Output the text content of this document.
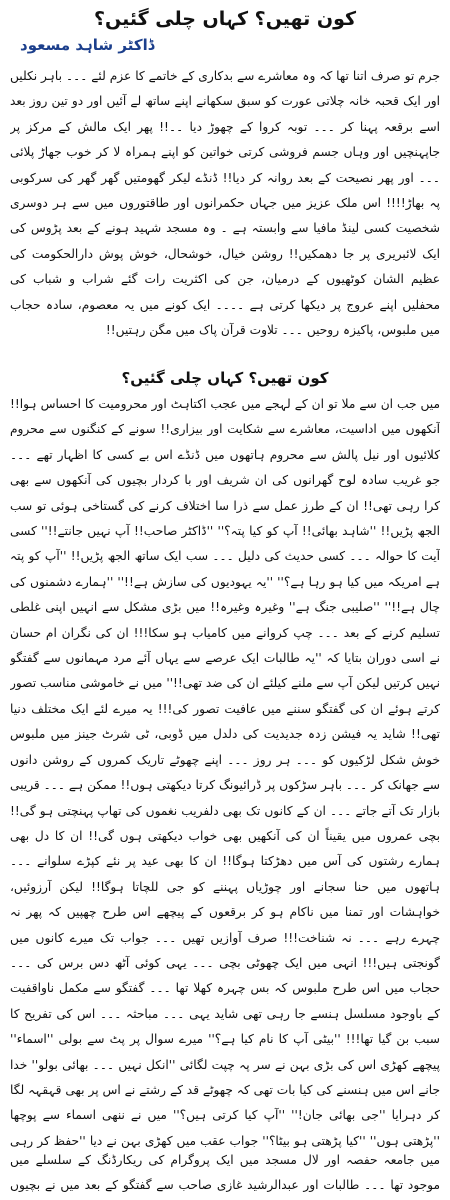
کون تھیں؟ کہاں چلی گئیں؟
ڈاکٹر شاہد مسعود

جرم تو صرف اتنا تھا کہ وہ معاشرے سے بدکاری کے خاتمے کا عزم لئے ۔۔۔ باہر نکلیں اور ایک قحبہ خانہ چلاتی عورت کو سبق سکھانے اپنے ساتھ لے آئیں اور دو تین روز بعد اسے برقعہ پہنا کر ۔۔۔ توبہ کروا کے چھوڑ دیا ۔۔!! پھر ایک مالش کے مرکز پر جاپہنچیں اور وہاں جسم فروشی کرتی خواتین کو اپنے ہمراہ لا کر خوب جھاڑ پلائی ۔۔۔ اور پھر نصیحت کے بعد روانہ کر دیا!! ڈنڈے لیکر گھومتیں گھر گھر کی سرکوبی پہ بھاڑ!!!! اس ملک عزیز میں جہاں حکمرانوں اور طاقتوروں میں سے ہر دوسری شخصیت کسی لینڈ مافیا سے وابستہ ہے ۔ وہ مسجد شہید ہونے کے بعد پڑوس کی ایک لائبریری پر جا دھمکیں!! روشن خیال، خوشحال، خوش پوش دارالحکومت کی عظیم الشان کوٹھیوں کے درمیان، جن کی اکثریت رات گئے شراب و شباب کی محفلیں اپنے عروج پر دیکھا کرتی ہے ۔۔۔۔ ایک کونے میں یہ معصوم، سادہ حجاب میں ملبوس، پاکیزہ روحیں ۔۔۔ تلاوت قرآن پاک میں مگن رہتیں!!

کون تھیں؟ کہاں چلی گئیں؟

میں جب ان سے ملا تو ان کے لہجے میں عجب اکتاہٹ اور محرومیت کا احساس ہوا!! آنکھوں میں اداسیت، معاشرے سے شکایت اور بیزاری!! سونے کے کنگنوں سے محروم کلائیوں اور نیل پالش سے محروم ہاتھوں میں ڈنڈے اس بے کسی کا اظہار تھے ۔۔۔ جو غریب سادہ لوح گھرانوں کی ان شریف اور با کردار بچیوں کی آنکھوں سے بھی کرا رہی تھی!! ان کے طرز عمل سے ذرا سا اختلاف کرنے کی گستاخی ہوئی تو سب الجھ پڑیں!! ''شاہد بھائی!! آپ کو کیا پتہ؟'' ''ڈاکٹر صاحب!! آپ نہیں جانتے!!'' کسی آیت کا حوالہ ۔۔۔ کسی حدیث کی دلیل ۔۔۔ سب ایک ساتھ الجھ پڑیں!! ''آپ کو پتہ ہے امریکہ میں کیا ہو رہا ہے؟'' ''یہ یہودیوں کی سازش ہے!!'' ''ہمارے دشمنوں کی چال ہے!!'' ''صلیبی جنگ ہے'' وغیرہ وغیرہ!! میں بڑی مشکل سے انہیں اپنی غلطی تسلیم کرنے کے بعد ۔۔۔ چپ کروانے میں کامیاب ہو سکا!!! ان کی نگران ام حسان نے اسی دوران بتایا کہ ''یہ طالبات ایک عرصے سے یہاں آئے مرد مہمانوں سے گفتگو نہیں کرتیں لیکن آپ سے ملنے کیلئے ان کی ضد تھی!!'' میں نے خاموشی مناسب تصور کرتے ہوئے ان کی گفتگو سننے میں عافیت تصور کی!!! یہ میرے لئے ایک مختلف دنیا تھی!! شاید یہ فیشن زدہ جدیدیت کی دلدل میں ڈوبی، ٹی شرٹ جینز میں ملبوس خوش شکل لڑکیوں کو ۔۔۔ ہر روز ۔۔۔ اپنے چھوٹے تاریک کمروں کے روشن دانوں سے جھانک کر ۔۔۔ باہر سڑکوں پر ڈرائیونگ کرتا دیکھتی ہوں!! ممکن ہے ۔۔۔ قریبی بازار تک آتے جاتے ۔۔۔ ان کے کانوں تک بھی دلفریب نغموں کی تھاپ پہنچتی ہو گی!! بچی عمروں میں یقیناً ان کی آنکھیں بھی خواب دیکھتی ہوں گی!! ان کا دل بھی ہمارے رشتوں کی آس میں دھڑکتا ہوگا!! ان کا بھی عید پر نئے کپڑے سلوانے ۔۔۔ ہاتھوں میں حنا سجانے اور چوڑیاں پہننے کو جی للچاتا ہوگا!! لیکن آرزوئیں، خواہشات اور تمنا میں ناکام ہو کر برقعوں کے پیچھے اس طرح چھپیں کہ پھر نہ چہرے رہے ۔۔۔ نہ شناخت!!! صرف آوازیں تھیں ۔۔۔ جواب تک میرے کانوں میں گونجتی ہیں!!! انہی میں ایک چھوٹی بچی ۔۔۔ یہی کوئی آٹھ دس برس کی ۔۔۔ حجاب میں اس طرح ملبوس کہ بس چہرہ کھلا تھا ۔۔۔ گفتگو سے مکمل ناواقفیت کے باوجود مسلسل ہنسے جا رہی تھی شاید یہی ۔۔۔ مباحثہ ۔۔۔ اس کی تفریح کا سبب بن گیا تھا!!! ''بیٹی آپ کا نام کیا ہے؟'' میرے سوال پر پٹ سے بولی ''اسماء'' پیچھے کھڑی اس کی بڑی بہن نے سر پہ چپت لگائی ''انکل نہیں ۔۔۔ بھائی بولو'' خدا جانے اس میں ہنسنے کی کیا بات تھی کہ چھوٹے قد کے رشتے نے اس پر بھی قہقہہ لگا کر دہرایا ''جی بھائی جان!'' ''آپ کیا کرتی ہیں؟'' میں نے ننھی اسماء سے پوچھا ''پڑھتی ہوں'' ''کیا پڑھتی ہو بیٹا؟'' جواب عقب میں کھڑی بہن نے دیا ''حفظ کر رہی

میں جامعہ حفصہ اور لال مسجد میں ایک پروگرام کی ریکارڈنگ کے سلسلے میں موجود تھا ۔۔۔ طالبات اور عبدالرشید غازی صاحب سے گفتگو کے بعد میں نے بچیوں
